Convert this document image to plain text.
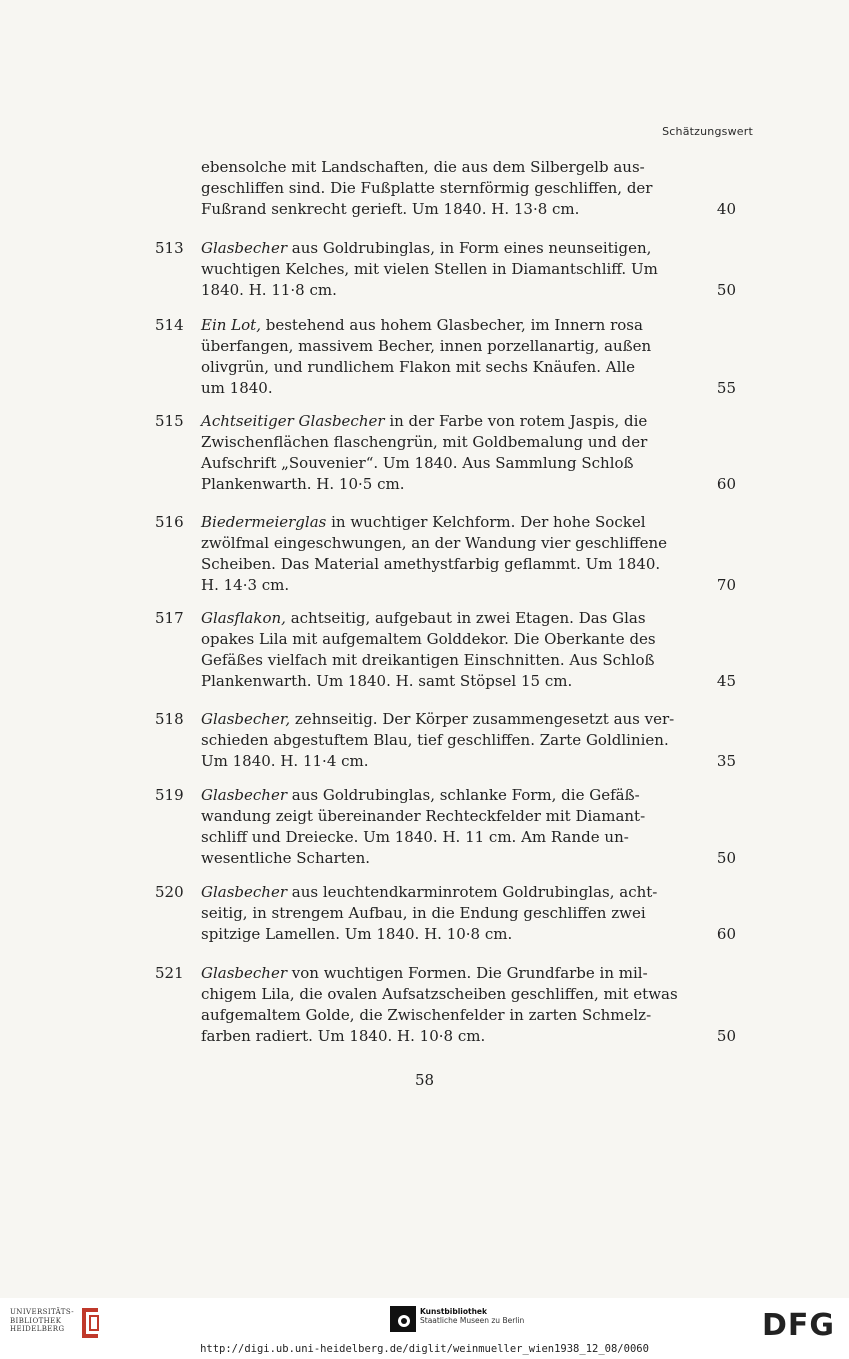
Schätzungswert

ebensolche mit Landschaften, die aus dem Silbergelb aus-
geschliffen sind. Die Fußplatte sternförmig geschliffen, der
Fußrand senkrecht gerieft. Um 1840. H. 13·8 cm.	40
513 Glasbecher aus Goldrubinglas, in Form eines neunseitigen,
wuchtigen Kelches, mit vielen Stellen in Diamantschliff. Um
1840. H. 11·8 cm.	50
514 Ein Lot, bestehend aus hohem Glasbecher, im Innern rosa
überfangen, massivem Becher, innen porzellanartig, außen
olivgrün, und rundlichem Flakon mit sechs Knäufen. Alle
um 1840.	55
515 Achtseitiger Glasbecher in der Farbe von rotem Jaspis, die
Zwischenflächen flaschengrün, mit Goldbemalung und der
Aufschrift „Souvenier“. Um 1840. Aus Sammlung Schloß
Plankenwarth. H. 10·5 cm.	60
516 Biedermeierglas in wuchtiger Kelchform. Der hohe Sockel
zwölfmal eingeschwungen, an der Wandung vier geschliffene
Scheiben. Das Material amethystfarbig geflammt. Um 1840.
H. 14·3 cm.	70
517 Glasflakon, achtseitig, aufgebaut in zwei Etagen. Das Glas
opakes Lila mit aufgemaltem Golddekor. Die Oberkante des
Gefäßes vielfach mit dreikantigen Einschnitten. Aus Schloß
Plankenwarth. Um 1840. H. samt Stöpsel 15 cm.	45
518 Glasbecher, zehnseitig. Der Körper zusammengesetzt aus ver-
schieden abgestuftem Blau, tief geschliffen. Zarte Goldlinien.
Um 1840. H. 11·4 cm.	35
519 Glasbecher aus Goldrubinglas, schlanke Form, die Gefäß-
wandung zeigt übereinander Rechteckfelder mit Diamant-
schliff und Dreiecke. Um 1840. H. 11 cm. Am Rande un-
wesentliche Scharten.	50
520 Glasbecher aus leuchtendkarminrotem Goldrubinglas, acht-
seitig, in strengem Aufbau, in die Endung geschliffen zwei
spitzige Lamellen. Um 1840. H. 10·8 cm.	60
521 Glasbecher von wuchtigen Formen. Die Grundfarbe in mil-
chigem Lila, die ovalen Aufsatzscheiben geschliffen, mit etwas
aufgemaltem Golde, die Zwischenfelder in zarten Schmelz-
farben radiert. Um 1840. H. 10·8 cm.	50
58
UNIVERSITÄTS-
BIBLIOTHEK
HEIDELBERG
Kunstbibliothek
Staatliche Museen zu Berlin	DFG
http://digi.ub.uni-heidelberg.de/diglit/weinmueller_wien1938_12_08/0060
